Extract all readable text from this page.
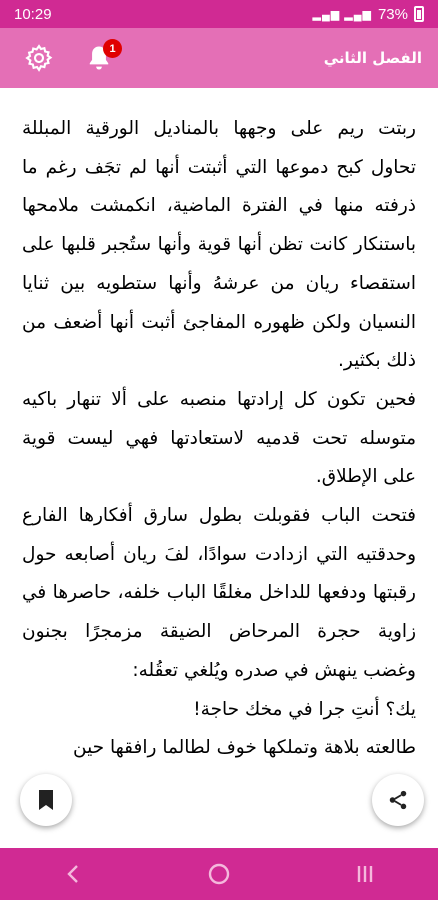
10:29	▂▄▆ ▂▄▆ 73%
1
الفصل الثاني

ربتت ريم على وجهها بالمناديل الورقية المبللة تحاول كبح دموعها التي أثبتت أنها لم تجَف رغم ما ذرفته منها في الفترة الماضية، انكمشت ملامحها باستنكار كانت تظن أنها قوية وأنها ستُجبر قلبها على استقصاء ريان من عرشهُ وأنها ستطويه بين ثنايا النسيان ولكن ظهوره المفاجئ أثبت أنها أضعف من ذلك بكثير.

فحين تكون كل إرادتها منصبه على ألا تنهار باكيه متوسله تحت قدميه لاستعادتها فهي ليست قوية على الإطلاق.

فتحت الباب فقوبلت بطول سارق أفكارها الفارع وحدقتيه التي ازدادت سوادًا، لفَ ريان أصابعه حول رقبتها ودفعها للداخل مغلقًا الباب خلفه، حاصرها في زاوية حجرة المرحاض الضيقة مزمجرًا بجنون وغضب ينهش في صدره ويُلغي تعقُله:

يك؟ أنتِ جرا في مخك حاجة!

طالعته بلاهة وتملكها خوف لطالما رافقها حين
